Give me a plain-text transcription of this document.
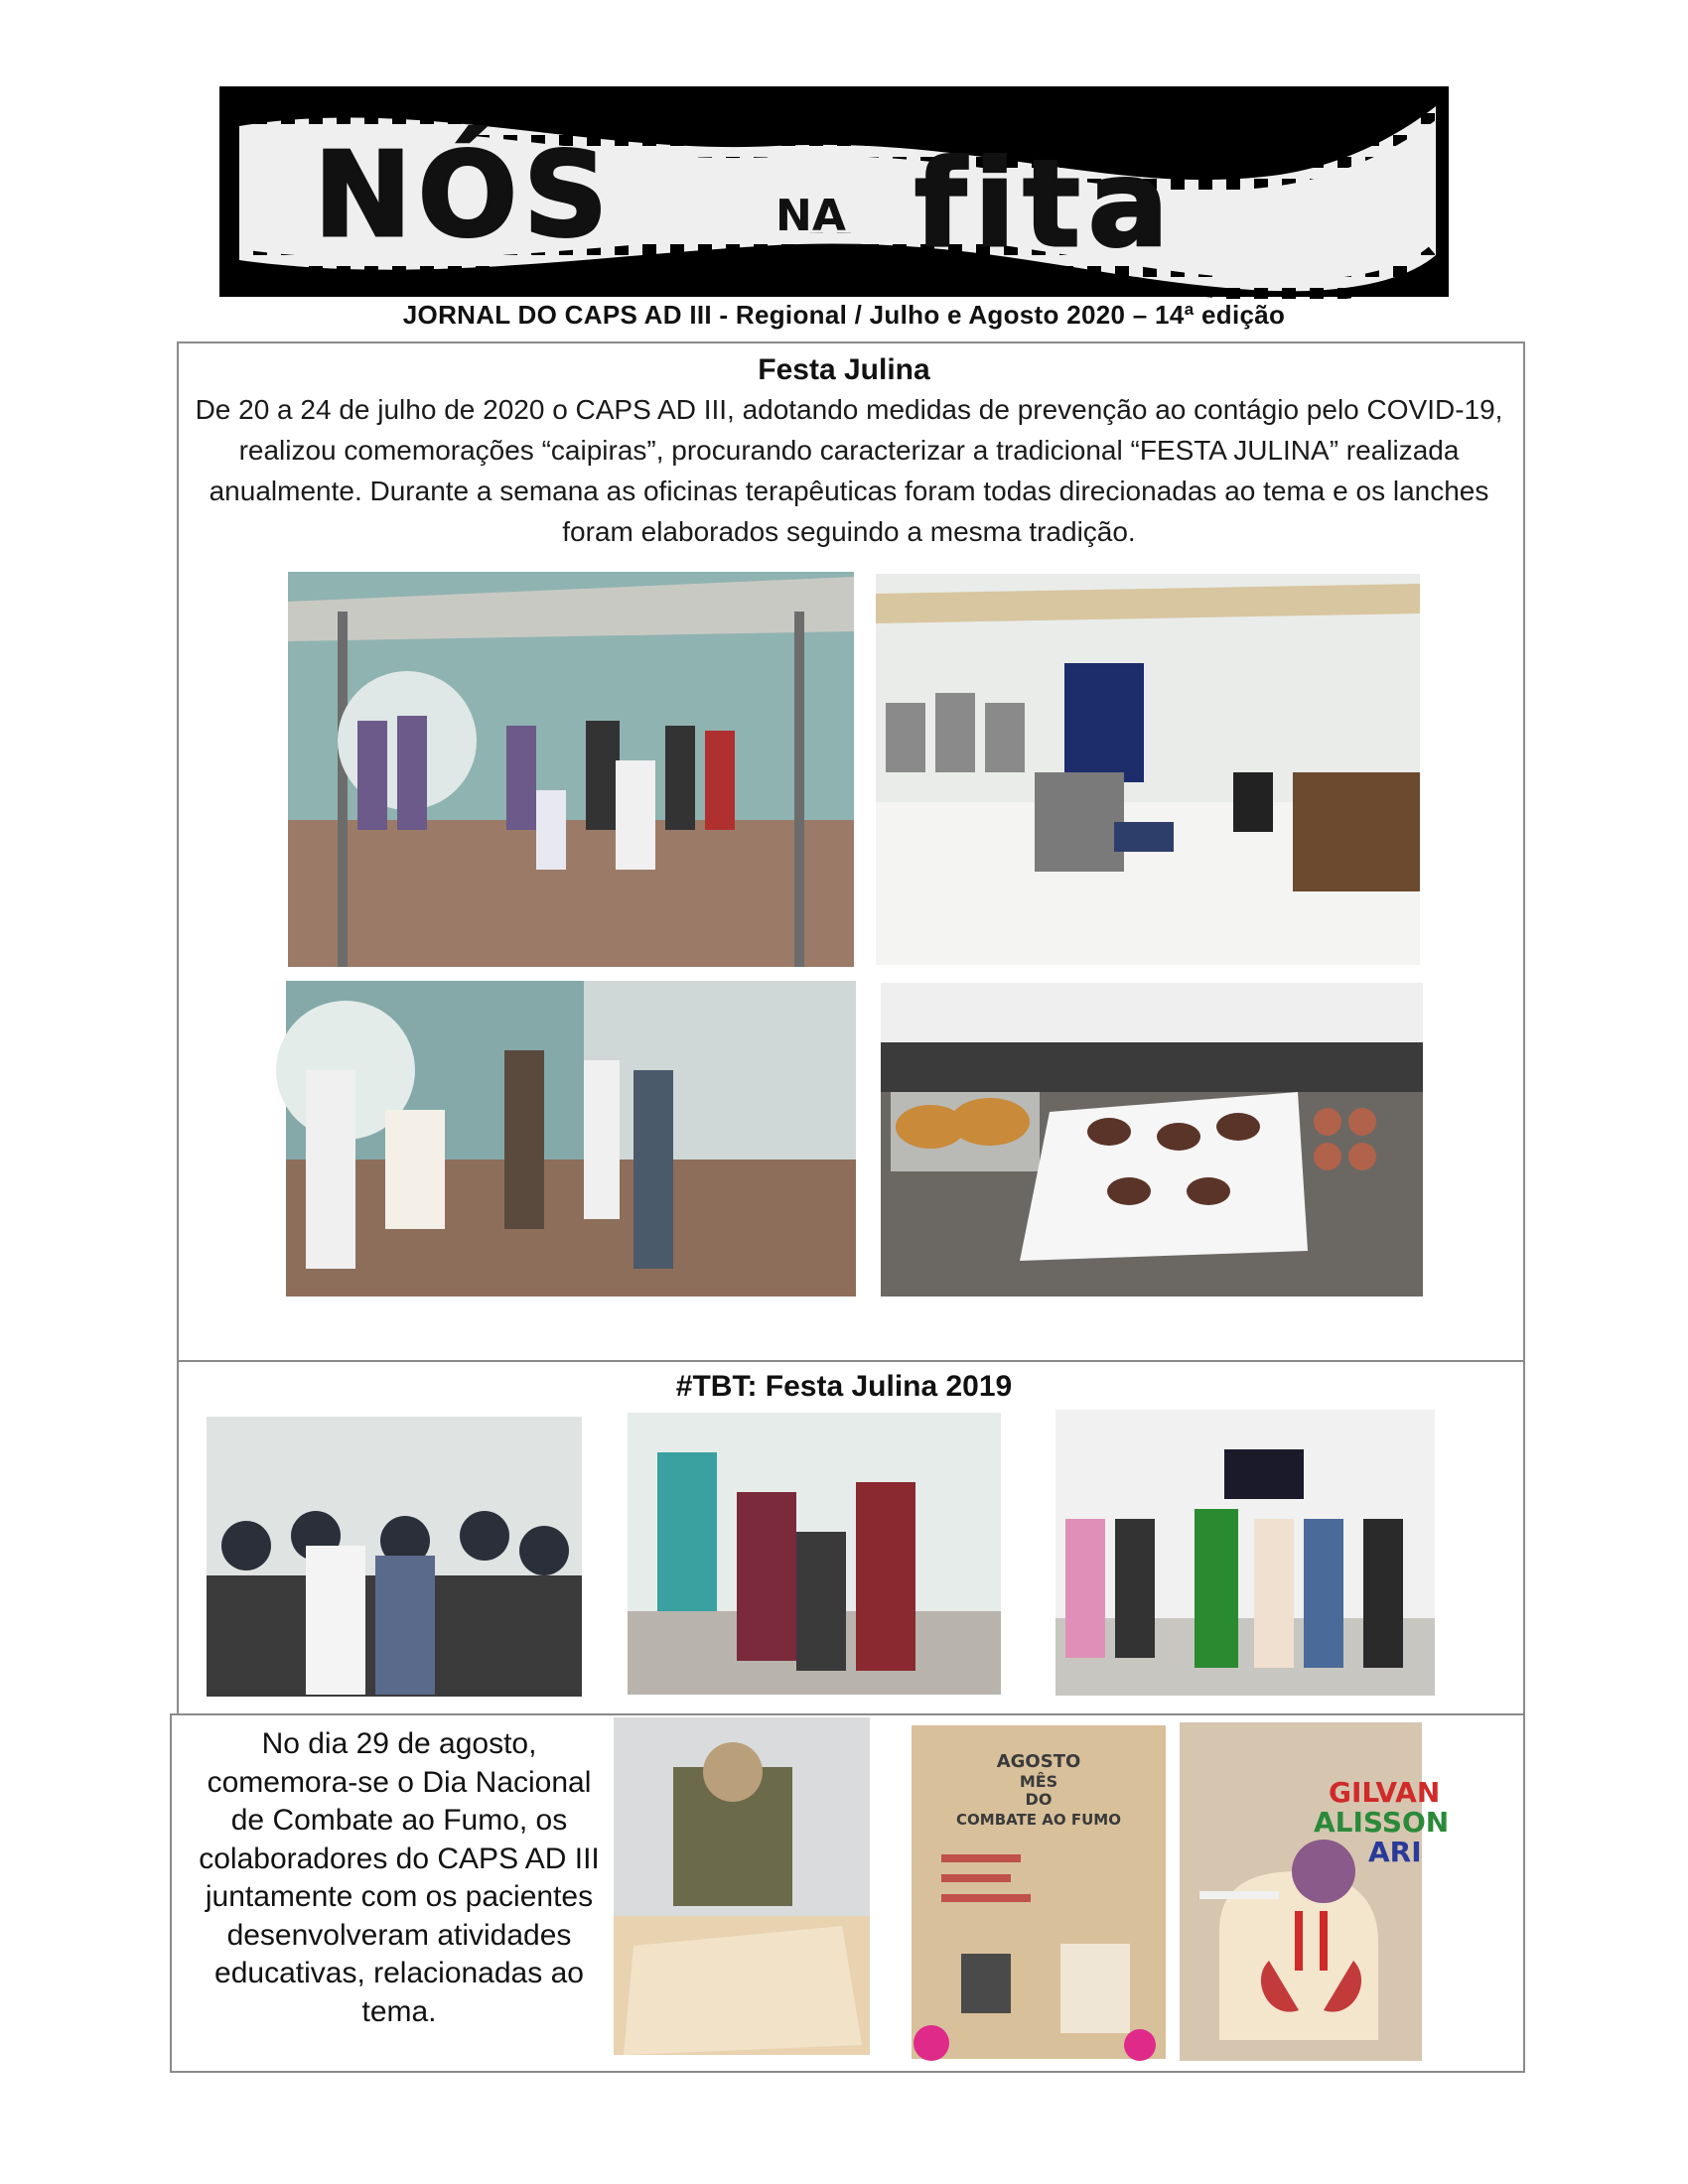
NÓS	NA fita
JORNAL DO CAPS AD III - Regional / Julho e Agosto 2020 – 14ª edição
Festa Julina
De 20 a 24 de julho de 2020 o CAPS AD III, adotando medidas de prevenção ao contágio pelo COVID-19, realizou comemorações “caipiras”, procurando caracterizar a tradicional “FESTA JULINA” realizada anualmente. Durante a semana as oficinas terapêuticas foram todas direcionadas ao tema e os lanches foram elaborados seguindo a mesma tradição.
#TBT: Festa Julina 2019
No dia 29 de agosto, comemora-se o Dia Nacional de Combate ao Fumo, os colaboradores do CAPS AD III juntamente com os pacientes desenvolveram atividades educativas, relacionadas ao tema.
AGOSTO
MÊS
DO
COMBATE AO FUMO
GILVAN
ALISSON
ARI
